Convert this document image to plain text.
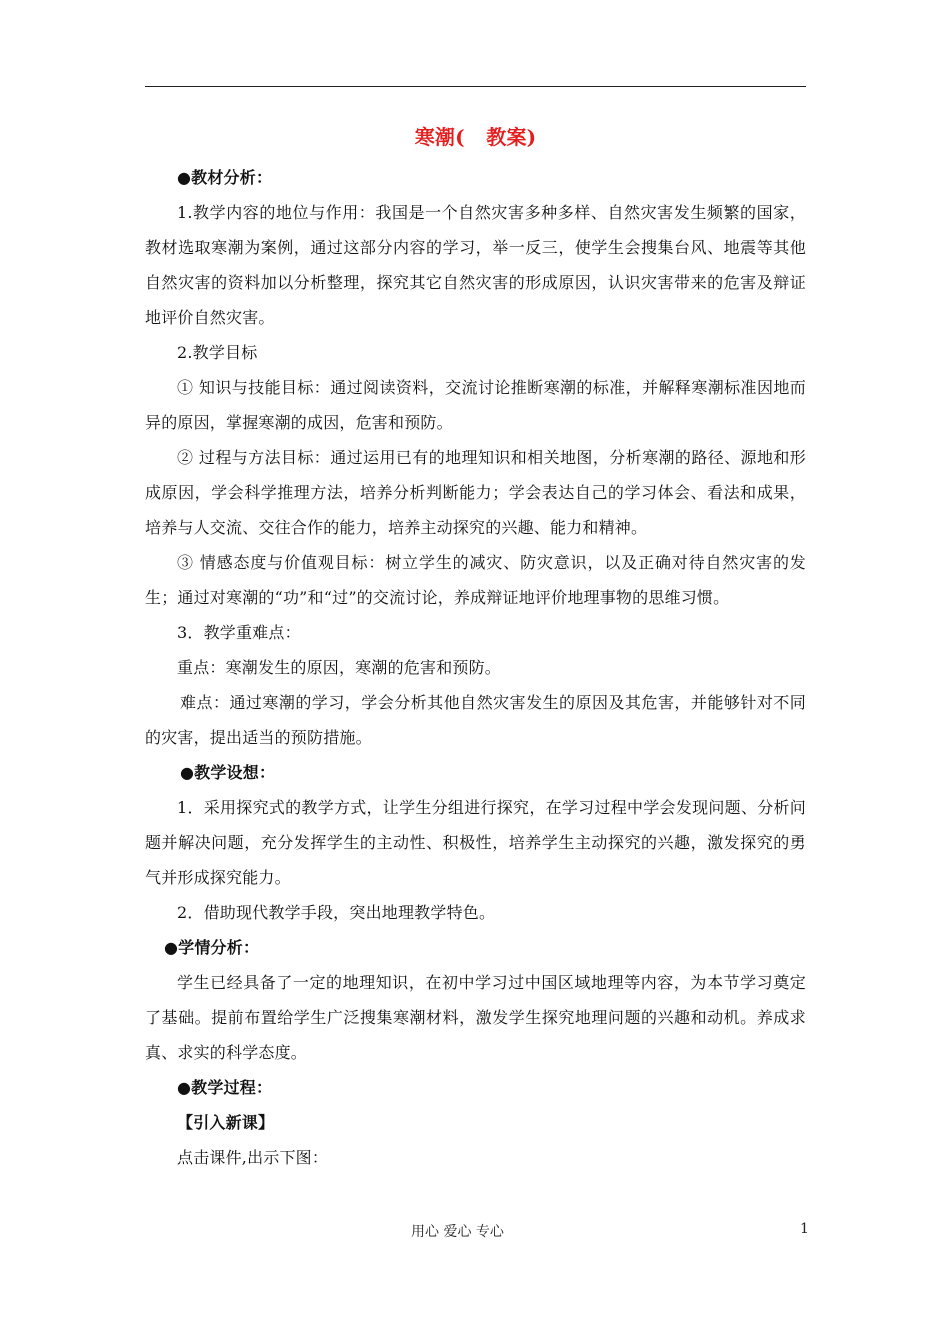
寒潮(   教案)

●教材分析：

1.教学内容的地位与作用：我国是一个自然灾害多种多样、自然灾害发生频繁的国家，教材选取寒潮为案例，通过这部分内容的学习，举一反三，使学生会搜集台风、地震等其他自然灾害的资料加以分析整理，探究其它自然灾害的形成原因，认识灾害带来的危害及辩证地评价自然灾害。

2.教学目标

① 知识与技能目标：通过阅读资料，交流讨论推断寒潮的标准，并解释寒潮标准因地而异的原因，掌握寒潮的成因，危害和预防。

② 过程与方法目标：通过运用已有的地理知识和相关地图，分析寒潮的路径、源地和形成原因，学会科学推理方法，培养分析判断能力；学会表达自己的学习体会、看法和成果，培养与人交流、交往合作的能力，培养主动探究的兴趣、能力和精神。

③ 情感态度与价值观目标：树立学生的减灾、防灾意识，以及正确对待自然灾害的发生；通过对寒潮的“功”和“过”的交流讨论，养成辩证地评价地理事物的思维习惯。

3．教学重难点：

重点：寒潮发生的原因，寒潮的危害和预防。

难点：通过寒潮的学习，学会分析其他自然灾害发生的原因及其危害，并能够针对不同的灾害，提出适当的预防措施。

●教学设想：

1．采用探究式的教学方式，让学生分组进行探究，在学习过程中学会发现问题、分析问题并解决问题，充分发挥学生的主动性、积极性，培养学生主动探究的兴趣，激发探究的勇气并形成探究能力。

2．借助现代教学手段，突出地理教学特色。

●学情分析：

学生已经具备了一定的地理知识，在初中学习过中国区域地理等内容，为本节学习奠定了基础。提前布置给学生广泛搜集寒潮材料，激发学生探究地理问题的兴趣和动机。养成求真、求实的科学态度。

●教学过程：

【引入新课】

点击课件,出示下图：

用心 爱心 专心	1
